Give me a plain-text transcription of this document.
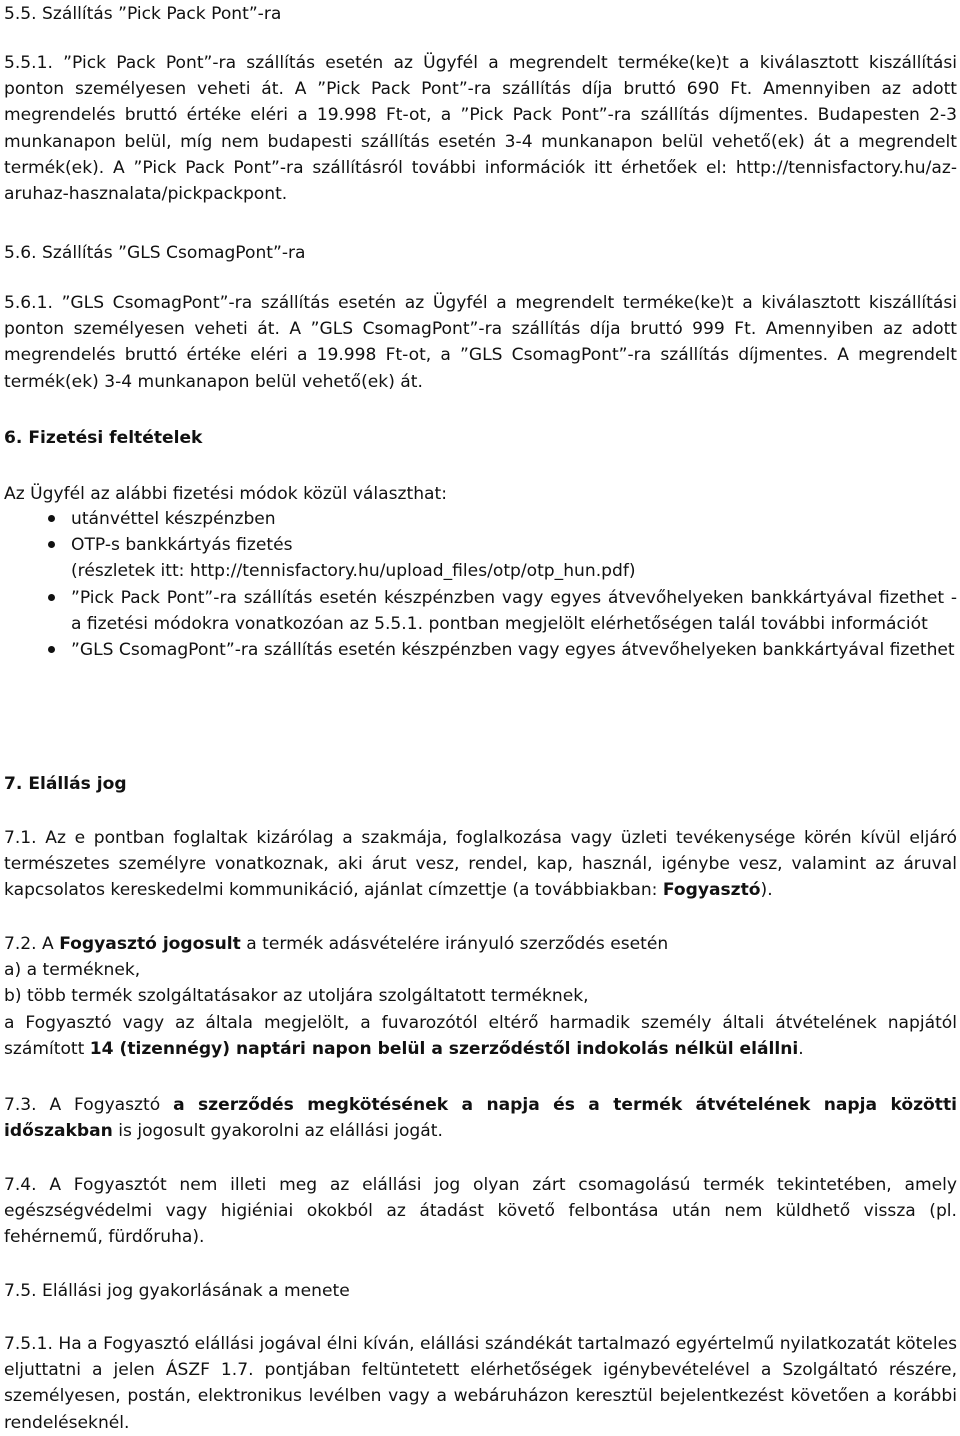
5.5. Szállítás ”Pick Pack Pont”-ra

5.5.1. ”Pick Pack Pont”-ra szállítás esetén az Ügyfél a megrendelt terméke(ke)t a kiválasztott kiszállítási ponton személyesen veheti át. A ”Pick Pack Pont”-ra szállítás díja bruttó 690 Ft. Amennyiben az adott megrendelés bruttó értéke eléri a 19.998 Ft-ot, a ”Pick Pack Pont”-ra szállítás díjmentes. Budapesten 2-3 munkanapon belül, míg nem budapesti szállítás esetén 3-4 munkanapon belül vehető(ek) át a megrendelt termék(ek). A ”Pick Pack Pont”-ra szállításról további információk itt érhetőek el: http://tennisfactory.hu/az-aruhaz-hasznalata/pickpackpont.

5.6. Szállítás ”GLS CsomagPont”-ra

5.6.1. ”GLS CsomagPont”-ra szállítás esetén az Ügyfél a megrendelt terméke(ke)t a kiválasztott kiszállítási ponton személyesen veheti át. A ”GLS CsomagPont”-ra szállítás díja bruttó 999 Ft. Amennyiben az adott megrendelés bruttó értéke eléri a 19.998 Ft-ot, a ”GLS CsomagPont”-ra szállítás díjmentes. A megrendelt termék(ek) 3-4 munkanapon belül vehető(ek) át.

6. Fizetési feltételek

Az Ügyfél az alábbi fizetési módok közül választhat:

utánvéttel készpénzben
OTP-s bankkártyás fizetés
(részletek itt: http://tennisfactory.hu/upload_files/otp/otp_hun.pdf)
”Pick Pack Pont”-ra szállítás esetén készpénzben vagy egyes átvevőhelyeken bankkártyával fizethet - a fizetési módokra vonatkozóan az 5.5.1. pontban megjelölt elérhetőségen talál további információt
”GLS CsomagPont”-ra szállítás esetén készpénzben vagy egyes átvevőhelyeken bankkártyával fizethet

7. Elállás jog

7.1. Az e pontban foglaltak kizárólag a szakmája, foglalkozása vagy üzleti tevékenysége körén kívül eljáró természetes személyre vonatkoznak, aki árut vesz, rendel, kap, használ, igénybe vesz, valamint az áruval kapcsolatos kereskedelmi kommunikáció, ajánlat címzettje (a továbbiakban: Fogyasztó).

7.2. A Fogyasztó jogosult a termék adásvételére irányuló szerződés esetén
a) a terméknek,
b) több termék szolgáltatásakor az utoljára szolgáltatott terméknek,
a Fogyasztó vagy az általa megjelölt, a fuvarozótól eltérő harmadik személy általi átvételének napjától számított 14 (tizennégy) naptári napon belül a szerződéstől indokolás nélkül elállni.

7.3. A Fogyasztó a szerződés megkötésének a napja és a termék átvételének napja közötti időszakban is jogosult gyakorolni az elállási jogát.

7.4. A Fogyasztót nem illeti meg az elállási jog olyan zárt csomagolású termék tekintetében, amely egészségvédelmi vagy higiéniai okokból az átadást követő felbontása után nem küldhető vissza (pl. fehérnemű, fürdőruha).

7.5. Elállási jog gyakorlásának a menete

7.5.1. Ha a Fogyasztó elállási jogával élni kíván, elállási szándékát tartalmazó egyértelmű nyilatkozatát köteles eljuttatni a jelen ÁSZF 1.7. pontjában feltüntetett elérhetőségek igénybevételével a Szolgáltató részére, személyesen, postán, elektronikus levélben vagy a webáruházon keresztül bejelentkezést követően a korábbi rendeléseknél.
